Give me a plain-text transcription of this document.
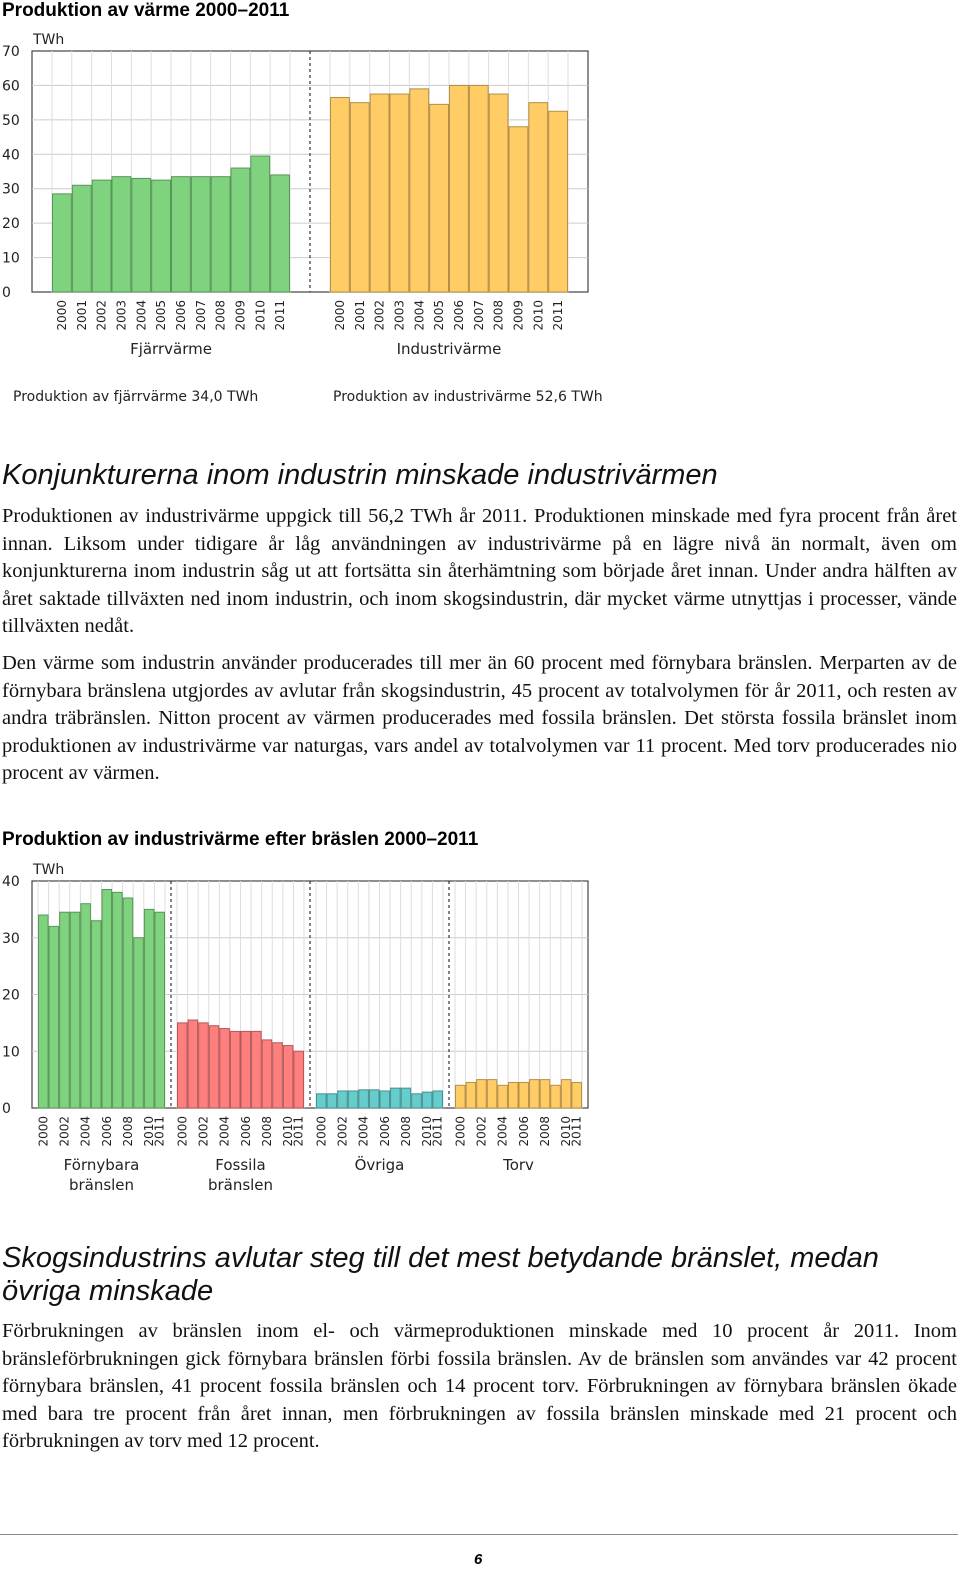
Produktion av värme 2000–2011
0
10
20
30
40
50
60
70
TWh
2000 2001 2002 2003 2004 2005 2006 2007 2008 2009 2010 2011
Fjärrvärme
2000 2001 2002 2003 2004 2005 2006 2007 2008 2009 2010 2011
Industrivärme
Produktion av fjärrvärme 34,0 TWh	Produktion av industrivärme 52,6 TWh
Konjunkturerna inom industrin minskade industrivärmen

Produktionen av industrivärme uppgick till 56,2 TWh år 2011. Produktionen minskade med fyra procent från året innan. Liksom under tidigare år låg användningen av industrivärme på en lägre nivå än normalt, även om konjunkturerna inom industrin såg ut att fortsätta sin återhämtning som började året innan. Under andra hälften av året saktade tillväxten ned inom industrin, och inom skogsindustrin, där mycket värme utnyttjas i processer, vände tillväxten nedåt.

Den värme som industrin använder producerades till mer än 60 procent med förnybara bränslen. Merparten av de förnybara bränslena utgjordes av avlutar från skogsindustrin, 45 procent av totalvolymen för år 2011, och resten av andra träbränslen. Nitton procent av värmen producerades med fossila bränslen. Det största fossila bränslet inom produktionen av industrivärme var naturgas, vars andel av totalvolymen var 11 procent. Med torv producerades nio procent av värmen.

Produktion av industrivärme efter bräslen 2000–2011
0
10
20
30
40
TWh
2000 2002 2004 2006 2008 2010
2011
Förnybara
bränslen
2000 2002 2004 2006 2008 2010
2011
Fossila
bränslen
2000 2002 2004 2006 2008 2010
2011
Övriga
2000 2002 2004 2006 2008 2010
2011
Torv
Skogsindustrins avlutar steg till det mest betydande bränslet, medan övriga minskade

Förbrukningen av bränslen inom el- och värmeproduktionen minskade med 10 procent år 2011. Inom bränsleförbrukningen gick förnybara bränslen förbi fossila bränslen. Av de bränslen som användes var 42 procent förnybara bränslen, 41 procent fossila bränslen och 14 procent torv. Förbrukningen av förnybara bränslen ökade med bara tre procent från året innan, men förbrukningen av fossila bränslen minskade med 21 procent och förbrukningen av torv med 12 procent.

6
